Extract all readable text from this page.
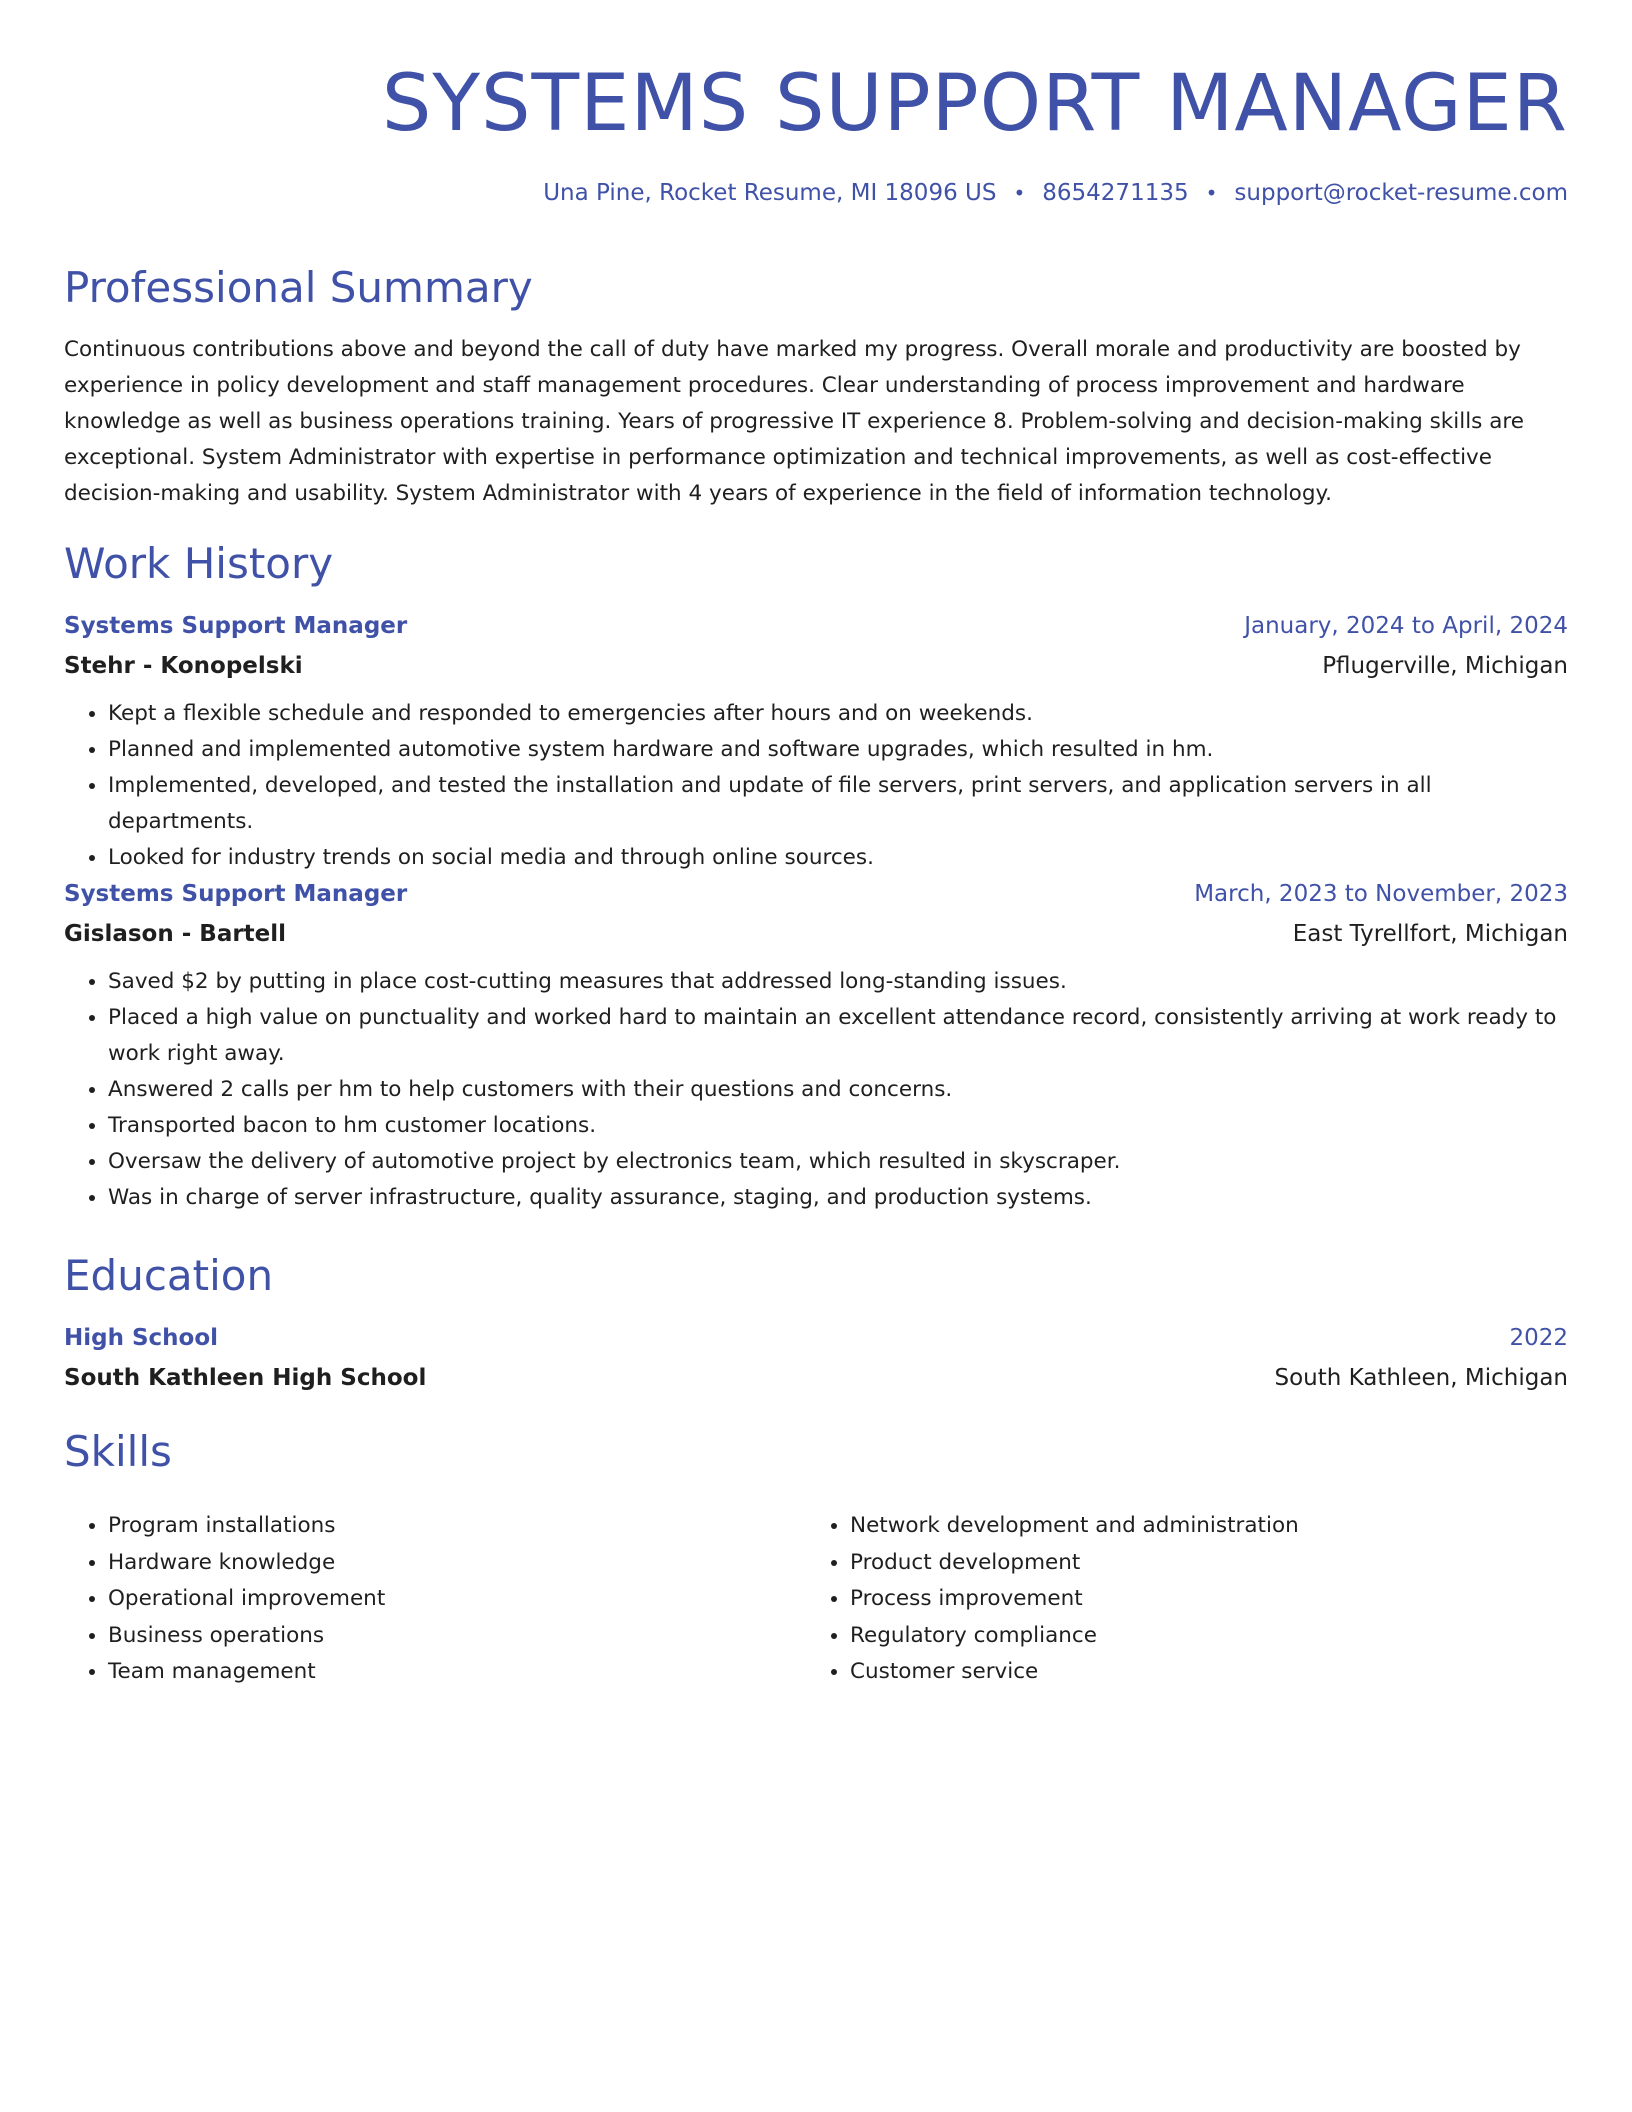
SYSTEMS SUPPORT MANAGER
Una Pine, Rocket Resume, MI 18096 US • 8654271135 • support@rocket-resume.com
Professional Summary

Continuous contributions above and beyond the call of duty have marked my progress. Overall morale and productivity are boosted by experience in policy development and staff management procedures. Clear understanding of process improvement and hardware knowledge as well as business operations training. Years of progressive IT experience 8. Problem-solving and decision-making skills are exceptional. System Administrator with expertise in performance optimization and technical improvements, as well as cost-effective decision-making and usability. System Administrator with 4 years of experience in the field of information technology.

Work History
Systems Support Manager	January, 2024 to April, 2024
Stehr - Konopelski	Pflugerville, Michigan
• Kept a flexible schedule and responded to emergencies after hours and on weekends.
• Planned and implemented automotive system hardware and software upgrades, which resulted in hm.
• Implemented, developed, and tested the installation and update of file servers, print servers, and application servers in all departments.
• Looked for industry trends on social media and through online sources.
Systems Support Manager	March, 2023 to November, 2023
Gislason - Bartell	East Tyrellfort, Michigan
• Saved $2 by putting in place cost-cutting measures that addressed long-standing issues.
• Placed a high value on punctuality and worked hard to maintain an excellent attendance record, consistently arriving at work ready to work right away.
• Answered 2 calls per hm to help customers with their questions and concerns.
• Transported bacon to hm customer locations.
• Oversaw the delivery of automotive project by electronics team, which resulted in skyscraper.
• Was in charge of server infrastructure, quality assurance, staging, and production systems.
Education
High School	2022
South Kathleen High School	South Kathleen, Michigan
Skills
• Program installations
• Hardware knowledge
• Operational improvement
• Business operations
• Team management
• Network development and administration
• Product development
• Process improvement
• Regulatory compliance
• Customer service
